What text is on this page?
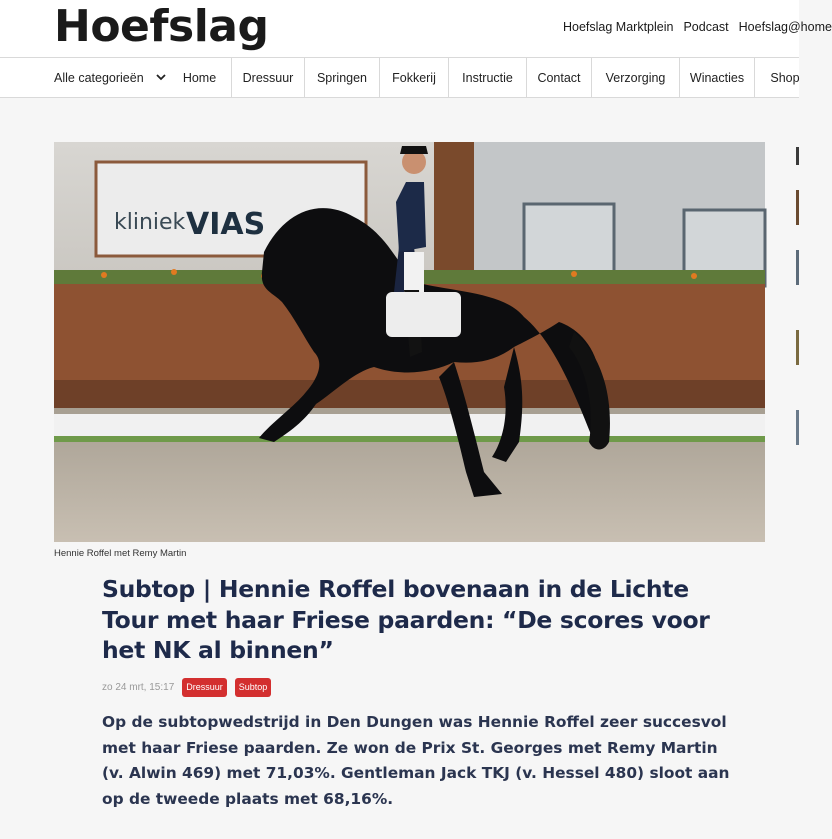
Hoefslag	Hoefslag Marktplein Podcast Hoefslag@home
Alle categorieën	Home	Dressuur	Springen	Fokkerij	Instructie	Contact	Verzorging	Winacties	Shop
kliniek VIAS
Hennie Roffel met Remy Martin
Subtop | Hennie Roffel bovenaan in de Lichte Tour met haar Friese paarden: “De scores voor het NK al binnen”
zo 24 mrt, 15:17	Dressuur	Subtop

Op de subtopwedstrijd in Den Dungen was Hennie Roffel zeer succesvol met haar Friese paarden. Ze won de Prix St. Georges met Remy Martin (v. Alwin 469) met 71,03%. Gentleman Jack TKJ (v. Hessel 480) sloot aan op de tweede plaats met 68,16%.
